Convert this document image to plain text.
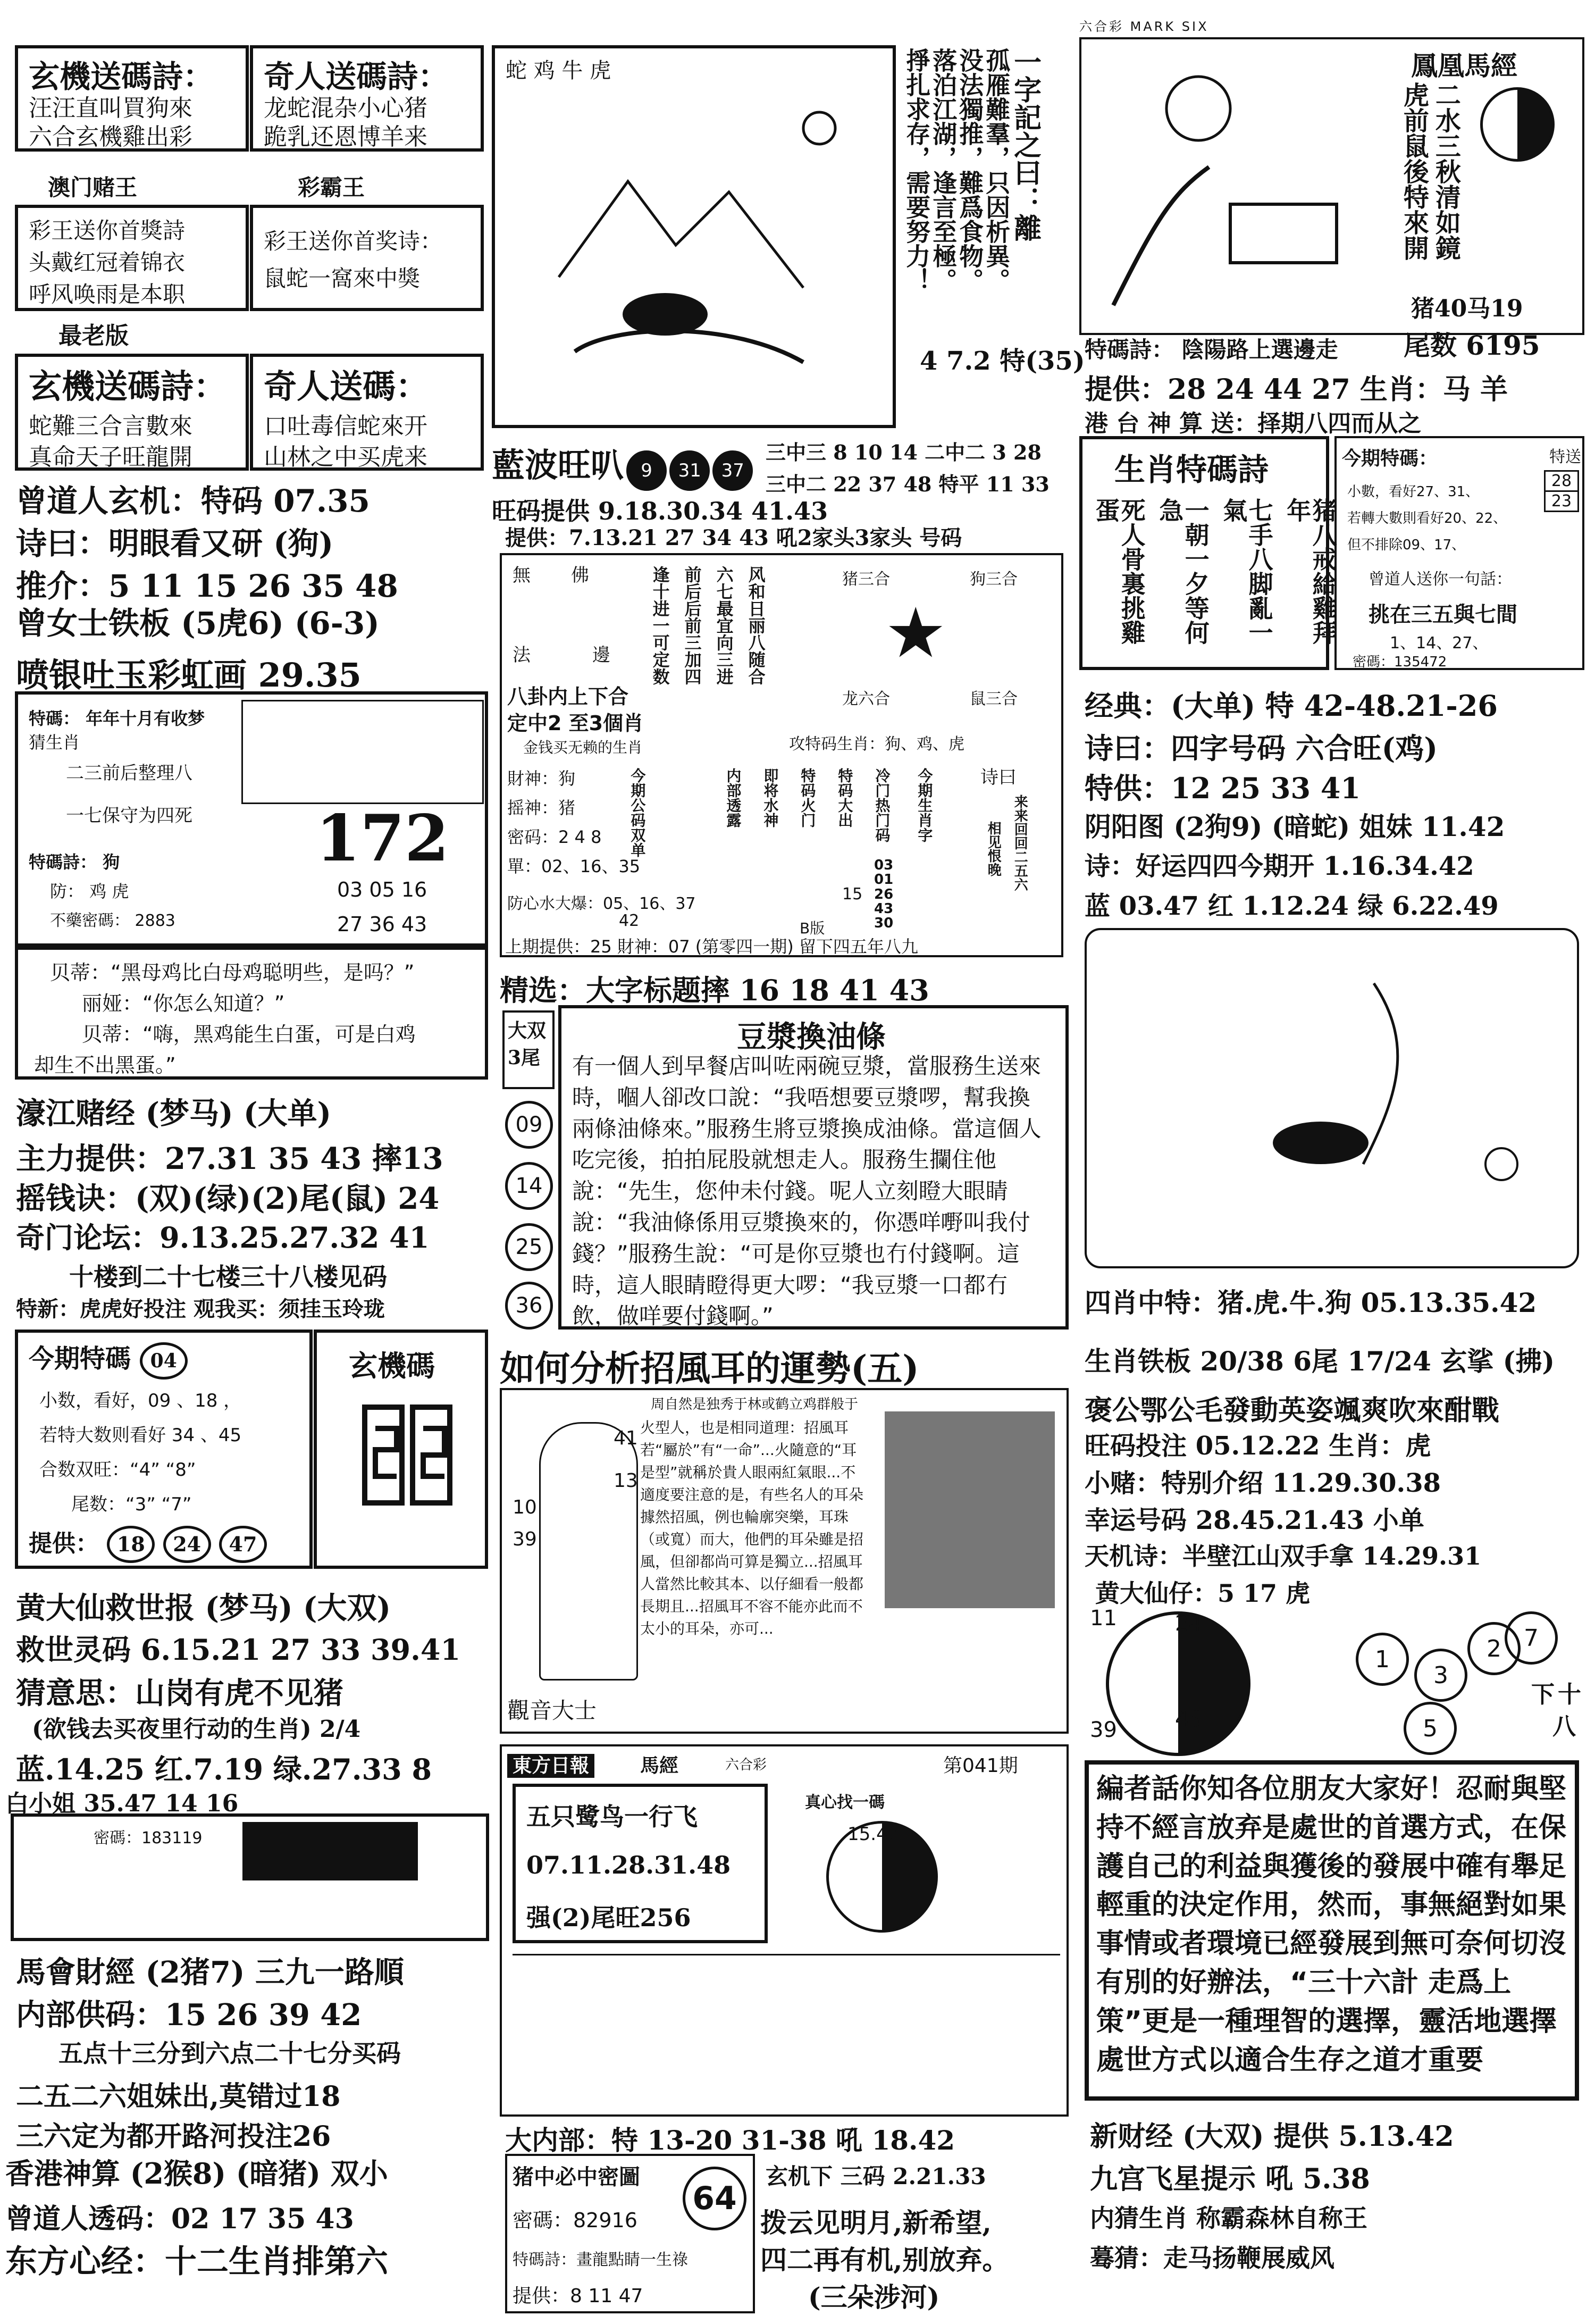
玄機送碼詩：
汪汪直叫買狗來
六合玄機雞出彩
奇人送碼詩：
龙蛇混杂小心猪
跪乳还恩博羊来
澳门赌王	彩霸王
彩王送你首獎詩
头戴红冠着锦衣
呼风唤雨是本职
彩王送你首奖诗：
鼠蛇一窩來中獎
最老版
玄機送碼詩：
蛇難三合言數來
真命天子旺龍開
奇人送碼：
口吐毒信蛇來开
山林之中买虎来
曾道人玄机：特码 07.35
诗曰：明眼看又研 (狗)
推介：5 11 15 26 35 48
曾女士铁板 (5虎6) (6-3)
喷银吐玉彩虹画 29.35
特碼： 年年十月有收梦
猜生肖
二三前后整理八
一七保守为四死
特碼詩： 狗
防： 鸡 虎
不藥密碼： 2883
172
03 05 16
27 36 43
贝蒂：“黑母鸡比白母鸡聪明些，是吗？”
丽娅：“你怎么知道？”
贝蒂：“嗨，黑鸡能生白蛋，可是白鸡
却生不出黑蛋。”
濠江赌经 (梦马) (大单)
主力提供：27.31 35 43 摔13
摇钱诀：(双)(绿)(2)尾(鼠) 24
奇门论坛：9.13.25.27.32 41
十楼到二十七楼三十八楼见码
特新：虎虎好投注 观我买：须挂玉玲珑
今期特碼 04
小数，看好，09 、18 ，
若特大数则看好 34 、45
合数双旺：“4” “8”
尾数：“3” “7”
提供： 18 24 47
玄機碼
黄大仙救世报 (梦马) (大双)
救世灵码 6.15.21 27 33 39.41
猜意思：山岗有虎不见猪
(欲钱去买夜里行动的生肖) 2/4
蓝.14.25 红.7.19 绿.27.33 8
白小姐 35.47 14 16
密碼：183119
馬會財經 (2猪7) 三九一路順
内部供码：15 26 39 42
五点十三分到六点二十七分买码
二五二六姐妹出,莫错过18
三六定为都开路河投注26
香港神算 (2猴8) (暗猪) 双小
曾道人透码：02 17 35 43
东方心经：十二生肖排第六
蛇 鸡 牛 虎	一字記之曰：離
孤雁難羣，只因析異。
没法獨推，難爲食物。
落泊江湖，逢言至極。
掙扎求存，需要努力！
4 7.2 特(35)
藍波旺叭 9 31 37
三中三 8 10 14 二中二 3 28
三中二 22 37 48 特平 11 33
旺码提供 9.18.30.34 41.43
提供：7.13.21 27 34 43 吼2家头3家头 号码
無 佛
法	邊 逢十进一可定数 前后后前三加四 六七最宜向三进 风和日丽八随合	猪三合	狗三合
★
龙六合	鼠三合
八卦内上下合
定中2 至3個肖
金钱买无赖的生肖	攻特码生肖：狗、鸡、虎
財神：狗
摇神：猪
密码：2 4 8
單：02、16、35
防心水大爆：05、16、37
42
今期公码双单	内部透露 即将水神 特码火门 特码大出 冷门热门码 今期生肖字
15
03
01
26
43
30
B版
诗曰
来来回回二五六
相见恨晚
上期提供：25 財神：07 (第零四一期) 留下四五年八九
精选：大字标题摔 16 18 41 43
大双 3尾
09
14
25
36
豆漿換油條
有一個人到早餐店叫咗兩碗豆漿，當服務生送來時，嗰人卻改口說：“我唔想要豆漿啰，幫我換兩條油條來。”服務生將豆漿換成油條。當這個人吃完後，拍拍屁股就想走人。服務生攔住他說：“先生，您仲未付錢。呢人立刻瞪大眼睛說：“我油條係用豆漿換來的，你憑咩嘢叫我付錢？”服務生說：“可是你豆漿也冇付錢啊。這時，這人眼睛瞪得更大啰：“我豆漿一口都冇飲，做咩要付錢啊。”
如何分析招風耳的運勢(五)
周自然是独秀于林或鹤立鸡群般于
41
13
10
39
觀音大士
火型人，也是相同道理：招風耳若“屬於”有“一命”...火隨意的“耳是型”就稱於貴人眼兩紅氣眼...不適度要注意的是，有些名人的耳朵據然招風，例也輪廓突樂，耳珠（或寬）而大，他們的耳朵雖是招風，但卻都尚可算是獨立...招風耳人當然比較其本、以仔細看一般都長期且...招風耳不容不能亦此而不太小的耳朵，亦可...
東方日報	馬經	六合彩	第041期
五只鹭鸟一行飞
07.11.28.31.48
强(2)尾旺256
真心找一碼
15.42
大内部：特 13-20 31-38 吼 18.42
猪中必中密圖
密碼：82916
特碼詩：畫龍點睛一生祿
提供：8 11 47
64
玄机下 三码 2.21.33
拨云见明月,新希望,
四二再有机,别放弃。
(三朵涉河)
六合彩 MARK SIX
鳳凰馬經
虎前鼠後特來開 二水三秋清如鏡
猪40马19
特碼詩： 陰陽路上選邊走 尾数 6195
提供：28 24 44 27 生肖：马 羊
港 台 神 算 送：择期八四而从之
生肖特碼詩
死人骨裏挑雞蛋	一朝一夕等何急	七手八脚亂一氣	猪八戒給雞拜年
今期特碼：	特送
小數，看好27、31、
若轉大數則看好20、22、
但不排除09、17、
28
23
曾道人送你一句話：
挑在三五與七間
1、14、27、
密碼：135472
经典：(大单) 特 42-48.21-26
诗曰：四字号码 六合旺(鸡)
特供：12 25 33 41
阴阳图 (2狗9) (暗蛇) 姐妹 11.42
诗：好运四四今期开 1.16.34.42
蓝 03.47 红 1.12.24 绿 6.22.49
四肖中特：猪.虎.牛.狗 05.13.35.42
生肖铁板 20/38 6尾 17/24 玄挲 (拂)
褒公鄂公毛發動英姿颯爽吹來酣戰
旺码投注 05.12.22 生肖：虎
小赌：特别介绍 11.29.30.38
幸运号码 28.45.21.43 小单
天机诗：半壁江山双手拿 14.29.31
黄大仙仔：5 17 虎
11	24
39	46
1	2
3
7
5
下 十
八
編者話你知各位朋友大家好！忍耐與堅持不經言放弃是處世的首選方式，在保護自己的利益與獲後的發展中確有舉足輕重的決定作用，然而，事無絕對如果事情或者環境已經發展到無可奈何切沒有別的好辦法，“三十六計 走爲上策”更是一種理智的選擇，靈活地選擇處世方式以適合生存之道才重要
新财经 (大双) 提供 5.13.42
九宫飞星提示 吼 5.38
内猜生肖 称霸森林自称王
蓦猜：走马扬鞭展威风
